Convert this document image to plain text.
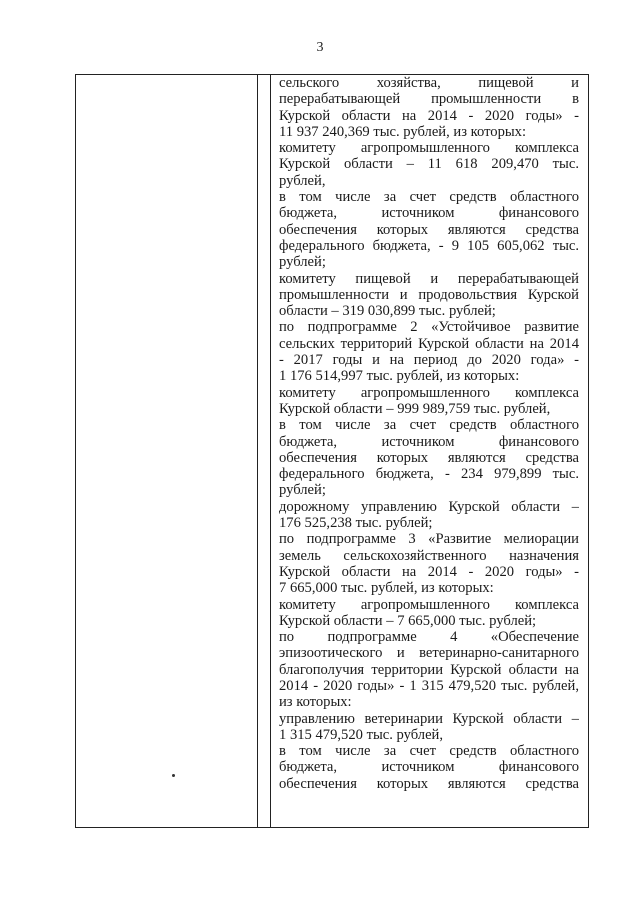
3
сельского хозяйства, пищевой и
перерабатывающей промышленности в
Курской области на 2014 - 2020 годы» -
11 937 240,369 тыс. рублей, из которых:
комитету агропромышленного комплекса
Курской области – 11 618 209,470 тыс.
рублей,
в том числе за счет средств областного
бюджета, источником финансового
обеспечения которых являются средства
федерального бюджета, - 9 105 605,062 тыс.
рублей;
комитету пищевой и перерабатывающей
промышленности и продовольствия Курской
области – 319 030,899 тыс. рублей;
по подпрограмме 2 «Устойчивое развитие
сельских территорий Курской области на 2014
- 2017 годы и на период до 2020 года» -
1 176 514,997 тыс. рублей, из которых:
комитету агропромышленного комплекса
Курской области – 999 989,759 тыс. рублей,
в том числе за счет средств областного
бюджета, источником финансового
обеспечения которых являются средства
федерального бюджета, - 234 979,899 тыс.
рублей;
дорожному управлению Курской области –
176 525,238 тыс. рублей;
по подпрограмме 3 «Развитие мелиорации
земель сельскохозяйственного назначения
Курской области на 2014 - 2020 годы» -
7 665,000 тыс. рублей, из которых:
комитету агропромышленного комплекса
Курской области – 7 665,000 тыс. рублей;
по подпрограмме 4 «Обеспечение
эпизоотического и ветеринарно-санитарного
благополучия территории Курской области на
2014 - 2020 годы» - 1 315 479,520 тыс. рублей,
из которых:
управлению ветеринарии Курской области –
1 315 479,520 тыс. рублей,
в том числе за счет средств областного
бюджета, источником финансового
обеспечения которых являются средства
